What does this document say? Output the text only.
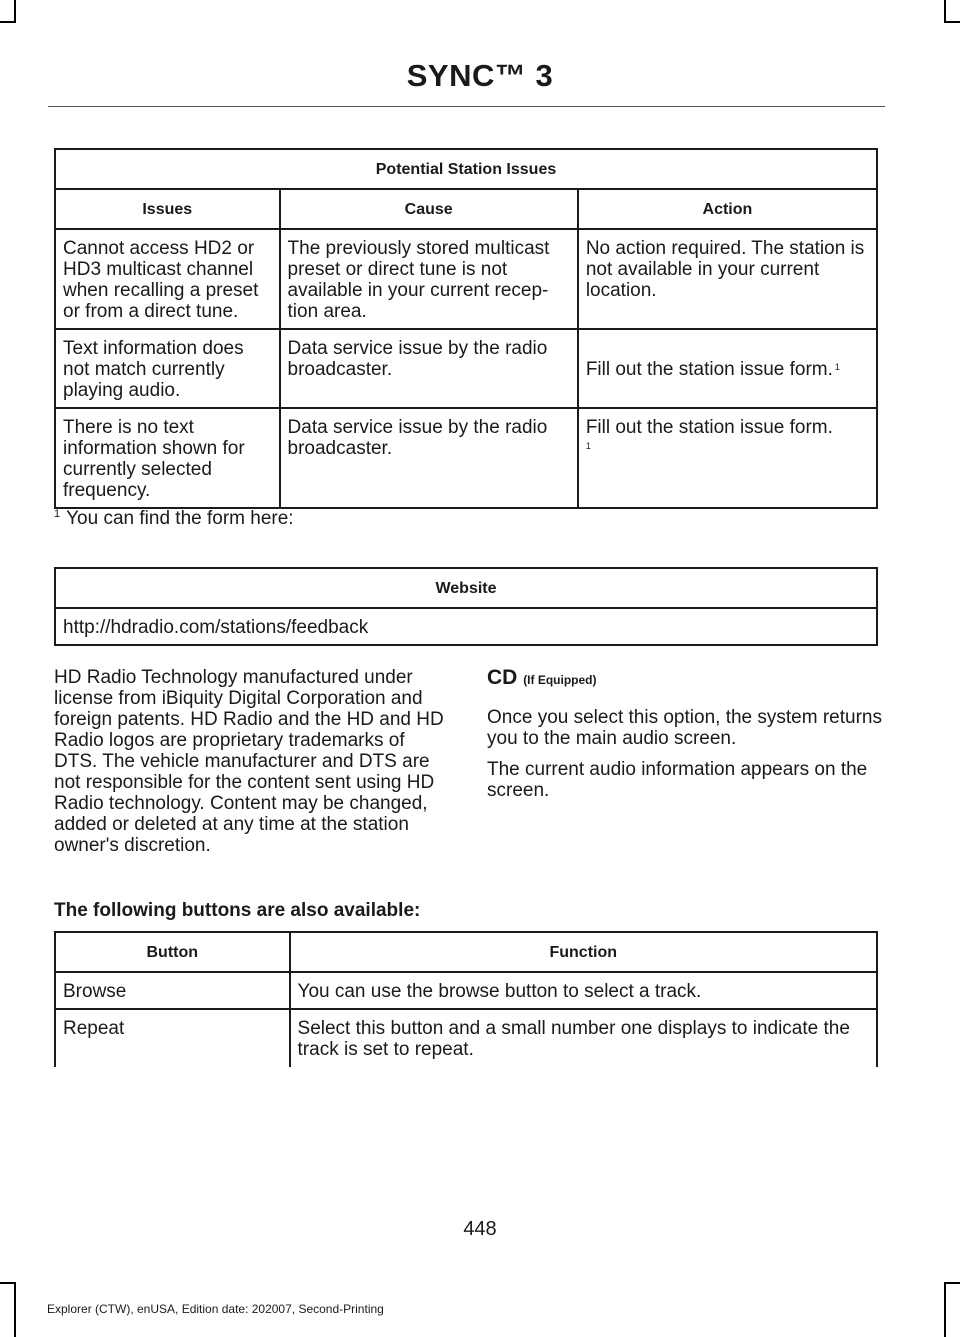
SYNC™ 3
Potential Station Issues		
Issues	Cause	Action
Cannot access HD2 or HD3 multicast channel when recalling a preset or from a direct tune.	The previously stored multicast preset or direct tune is not available in your current recep- tion area.	No action required. The station is not available in your current location.
Text information does not match currently playing audio.	Data service issue by the radio broadcaster.	Fill out the station issue form. $^1$
There is no text information shown for currently selected frequency.	Data service issue by the radio broadcaster.	Fill out the station issue form.
$^1$
$^1$ You can find the form here:
Website
http://hdradio.com/stations/feedback
HD Radio Technology manufactured under license from iBiquity Digital Corporation and foreign patents. HD Radio and the HD and HD Radio logos are proprietary trademarks of DTS. The vehicle manufacturer and DTS are not responsible for the content sent using HD Radio technology. Content may be changed, added or deleted at any time at the station owner's discretion.
CD (If Equipped)

Once you select this option, the system returns you to the main audio screen.

The current audio information appears on the screen.

The following buttons are also available:
Button	Function
Browse	You can use the browse button to select a track.
Repeat	Select this button and a small number one displays to indicate the track is set to repeat.
448
Explorer (CTW), enUSA, Edition date: 202007, Second-Printing
